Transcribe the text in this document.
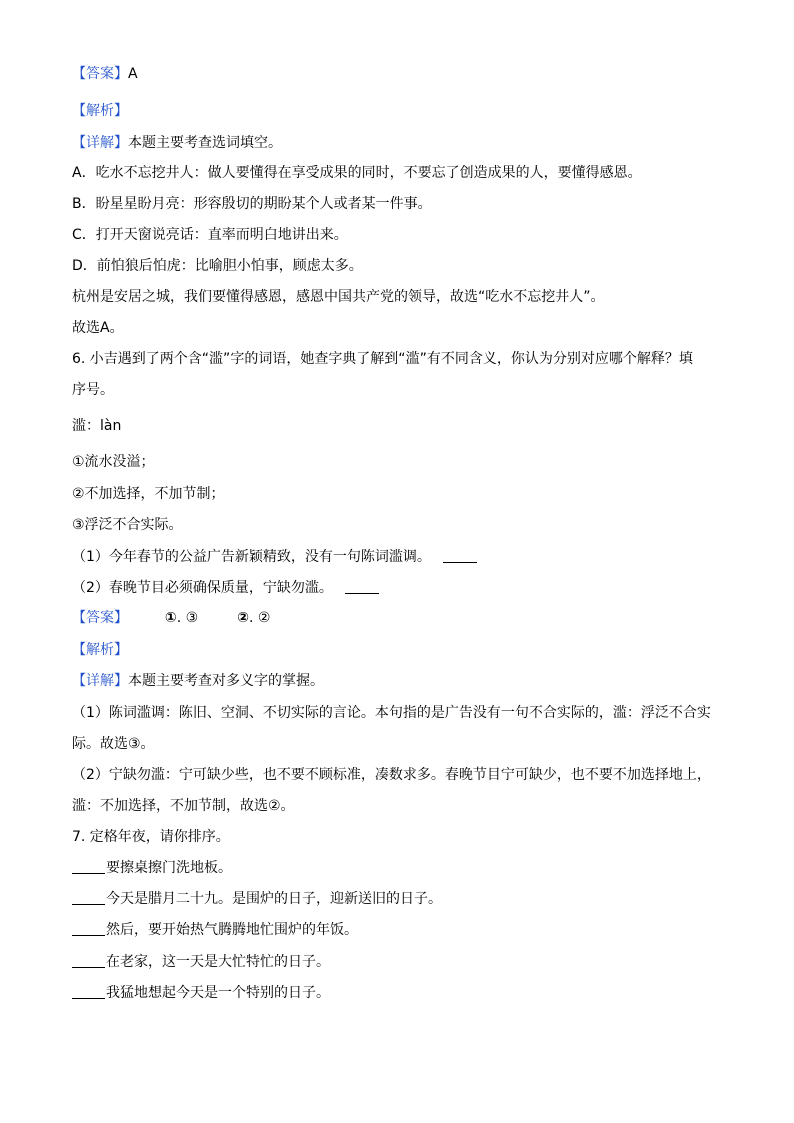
【答案】A
【解析】
【详解】本题主要考查选词填空。
A．吃水不忘挖井人：做人要懂得在享受成果的同时，不要忘了创造成果的人，要懂得感恩。
B．盼星星盼月亮：形容殷切的期盼某个人或者某一件事。
C．打开天窗说亮话：直率而明白地讲出来。
D．前怕狼后怕虎：比喻胆小怕事，顾虑太多。
杭州是安居之城，我们要懂得感恩，感恩中国共产党的领导，故选“吃水不忘挖井人”。
故选A。
6. 小吉遇到了两个含“滥”字的词语，她查字典了解到“滥”有不同含义，你认为分别对应哪个解释？填
序号。
滥：làn
①流水没溢；
②不加选择，不加节制；
③浮泛不合实际。
（1）今年春节的公益广告新颖精致，没有一句陈词滥调。
（2）春晚节目必须确保质量，宁缺勿滥。
【答案】	①. ③	②. ②
【解析】
【详解】本题主要考查对多义字的掌握。
（1）陈词滥调：陈旧、空洞、不切实际的言论。本句指的是广告没有一句不合实际的，滥：浮泛不合实
际。故选③。
（2）宁缺勿滥：宁可缺少些，也不要不顾标准，凑数求多。春晚节目宁可缺少，也不要不加选择地上，
滥：不加选择，不加节制，故选②。
7. 定格年夜，请你排序。
要擦桌擦门洗地板。
今天是腊月二十九。是围炉的日子，迎新送旧的日子。
然后，要开始热气腾腾地忙围炉的年饭。
在老家，这一天是大忙特忙的日子。
我猛地想起今天是一个特别的日子。
